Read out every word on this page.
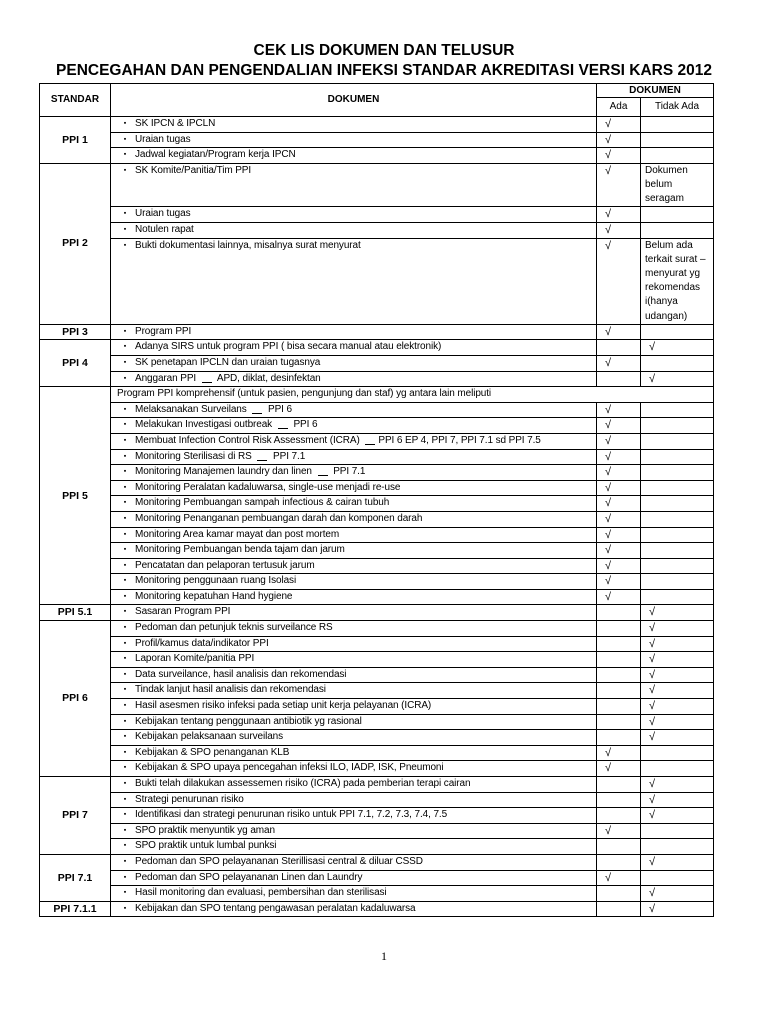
CEK LIS DOKUMEN DAN TELUSUR
PENCEGAHAN DAN PENGENDALIAN INFEKSI STANDAR AKREDITASI VERSI KARS 2012
STANDAR	DOKUMEN	DOKUMEN	
		Ada	Tidak Ada
PPI 1	▪ SK IPCN & IPCLN	√	
	▪ Uraian tugas	√	
	▪ Jadwal kegiatan/Program kerja IPCN	√	
PPI 2	▪ SK Komite/Panitia/Tim PPI	√	Dokumen belum seragam
	▪ Uraian tugas	√	
	▪ Notulen rapat	√	
	▪ Bukti dokumentasi lainnya, misalnya surat menyurat	√	Belum ada terkait surat – menyurat yg rekomendas i(hanya udangan)
PPI 3	▪ Program PPI	√	
PPI 4	▪ Adanya SIRS untuk program PPI ( bisa secara manual atau elektronik)		√
	▪ SK penetapan IPCLN dan uraian tugasnya	√	
	▪ Anggaran PPI  APD, diklat, desinfektan		√
PPI 5	Program PPI komprehensif (untuk pasien, pengunjung dan staf) yg antara lain meliputi		
	▪ Melaksanakan Surveilans  PPI 6	√	
	▪ Melakukan Investigasi outbreak  PPI 6	√	
	▪ Membuat Infection Control Risk Assessment (ICRA) PPI 6 EP 4, PPI 7, PPI 7.1 sd PPI 7.5	√	
	▪ Monitoring Sterilisasi di RS  PPI 7.1	√	
	▪ Monitoring Manajemen laundry dan linen  PPI 7.1	√	
	▪ Monitoring Peralatan kadaluwarsa, single-use menjadi re-use	√	
	▪ Monitoring Pembuangan sampah infectious & cairan tubuh	√	
	▪ Monitoring Penanganan pembuangan darah dan komponen darah	√	
	▪ Monitoring Area kamar mayat dan post mortem	√	
	▪ Monitoring Pembuangan benda tajam dan jarum	√	
	▪ Pencatatan dan pelaporan tertusuk jarum	√	
	▪ Monitoring penggunaan ruang Isolasi	√	
	▪ Monitoring kepatuhan Hand hygiene	√	
PPI 5.1	▪ Sasaran Program PPI		√
PPI 6	▪ Pedoman dan petunjuk teknis surveilance RS		√
	▪ Profil/kamus data/indikator PPI		√
	▪ Laporan Komite/panitia PPI		√
	▪ Data surveilance, hasil analisis dan rekomendasi		√
	▪ Tindak lanjut hasil analisis dan rekomendasi		√
	▪ Hasil asesmen risiko infeksi pada setiap unit kerja pelayanan (ICRA)		√
	▪ Kebijakan tentang penggunaan antibiotik yg rasional		√
	▪ Kebijakan pelaksanaan surveilans		√
	▪ Kebijakan & SPO penanganan KLB	√	
	▪ Kebijakan & SPO upaya pencegahan infeksi ILO, IADP, ISK, Pneumoni	√	
PPI 7	▪ Bukti telah dilakukan assessemen risiko (ICRA) pada pemberian terapi cairan		√
	▪ Strategi penurunan risiko		√
	▪ Identifikasi dan strategi penurunan risiko untuk PPI 7.1, 7.2, 7.3, 7.4, 7.5		√
	▪ SPO praktik menyuntik yg aman	√	
	▪ SPO praktik untuk lumbal punksi		
PPI 7.1	▪ Pedoman dan SPO pelayananan Sterillisasi central & diluar CSSD		√
	▪ Pedoman dan SPO pelayananan Linen dan Laundry	√	
	▪ Hasil monitoring dan evaluasi, pembersihan dan sterilisasi		√
PPI 7.1.1	▪ Kebijakan dan SPO tentang pengawasan peralatan kadaluwarsa		√
1
